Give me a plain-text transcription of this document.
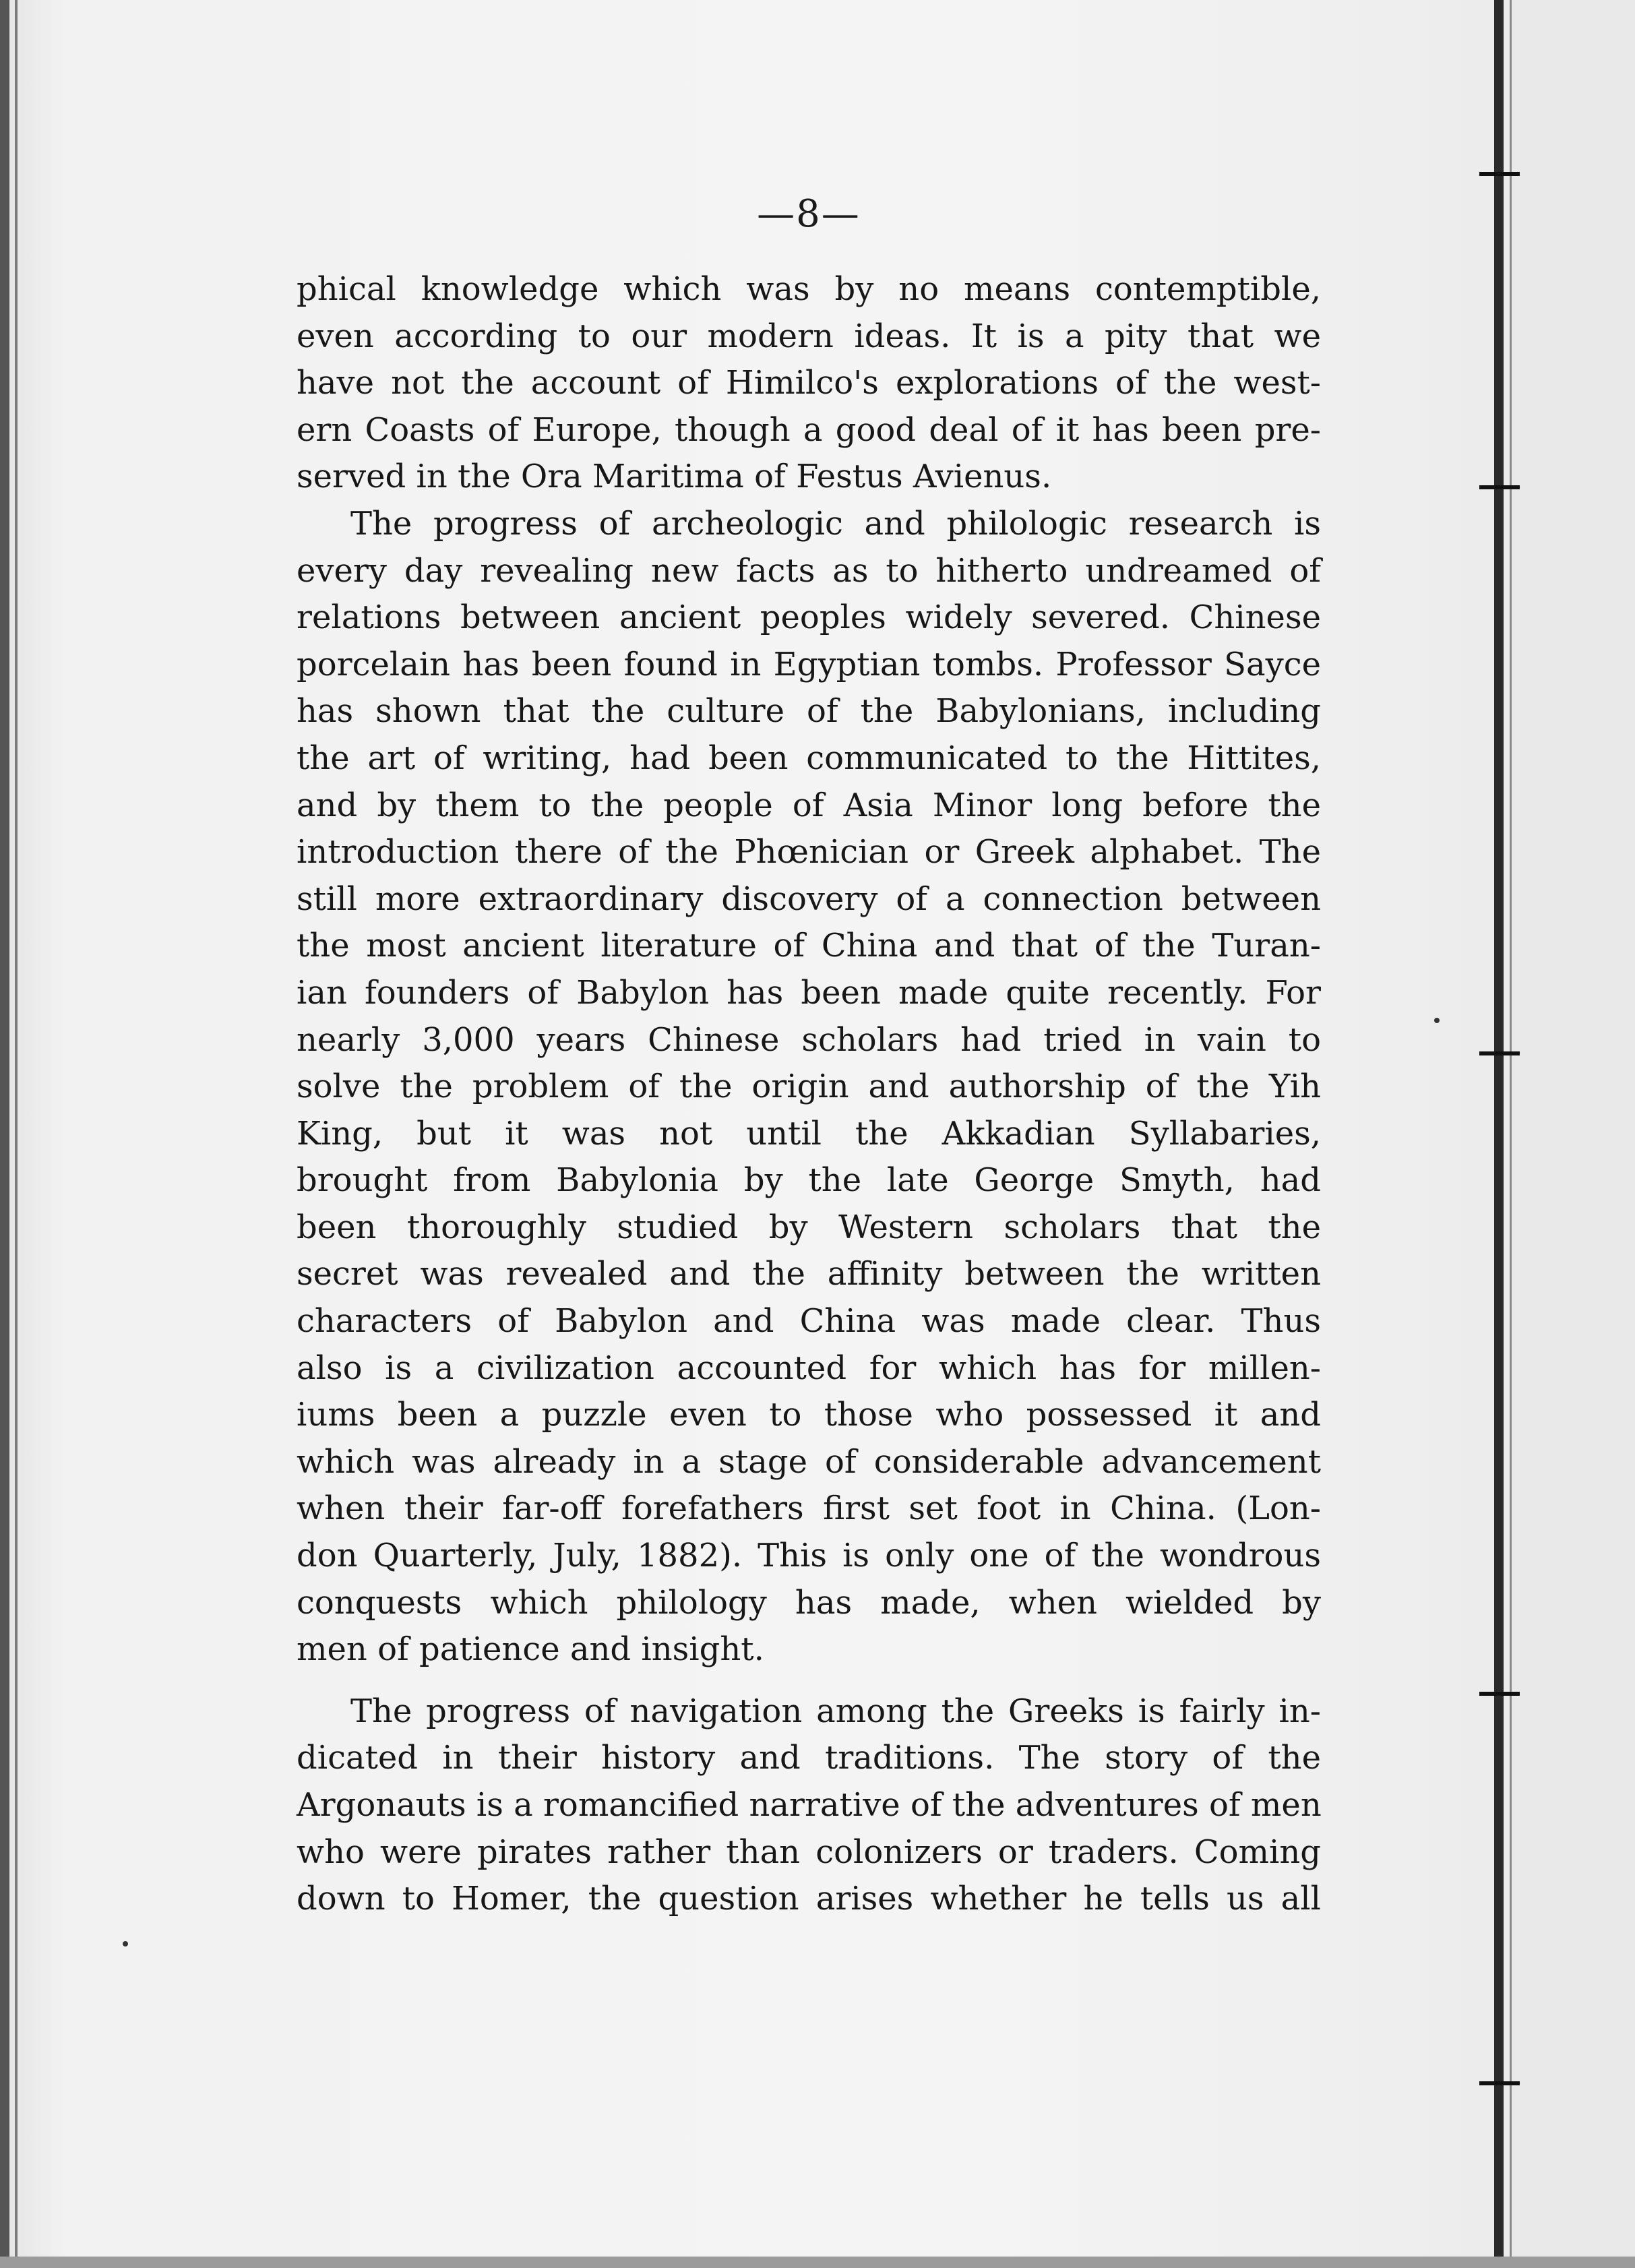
—8—
phical knowledge which was by no means contemptible,
even according to our modern ideas. It is a pity that we
have not the account of Himilco's explorations of the west-
ern Coasts of Europe, though a good deal of it has been pre-
served in the Ora Maritima of Festus Avienus.
The progress of archeologic and philologic research is
every day revealing new facts as to hitherto undreamed of
relations between ancient peoples widely severed. Chinese
porcelain has been found in Egyptian tombs. Professor Sayce
has shown that the culture of the Babylonians, including
the art of writing, had been communicated to the Hittites,
and by them to the people of Asia Minor long before the
introduction there of the Phœnician or Greek alphabet. The
still more extraordinary discovery of a connection between
the most ancient literature of China and that of the Turan-
ian founders of Babylon has been made quite recently. For
nearly 3,000 years Chinese scholars had tried in vain to
solve the problem of the origin and authorship of the Yih
King, but it was not until the Akkadian Syllabaries,
brought from Babylonia by the late George Smyth, had
been thoroughly studied by Western scholars that the
secret was revealed and the affinity between the written
characters of Babylon and China was made clear. Thus
also is a civilization accounted for which has for millen-
iums been a puzzle even to those who possessed it and
which was already in a stage of considerable advancement
when their far-off forefathers first set foot in China. (Lon-
don Quarterly, July, 1882). This is only one of the wondrous
conquests which philology has made, when wielded by
men of patience and insight.
The progress of navigation among the Greeks is fairly in-
dicated in their history and traditions. The story of the
Argonauts is a romancified narrative of the adventures of men
who were pirates rather than colonizers or traders. Coming
down to Homer, the question arises whether he tells us all
